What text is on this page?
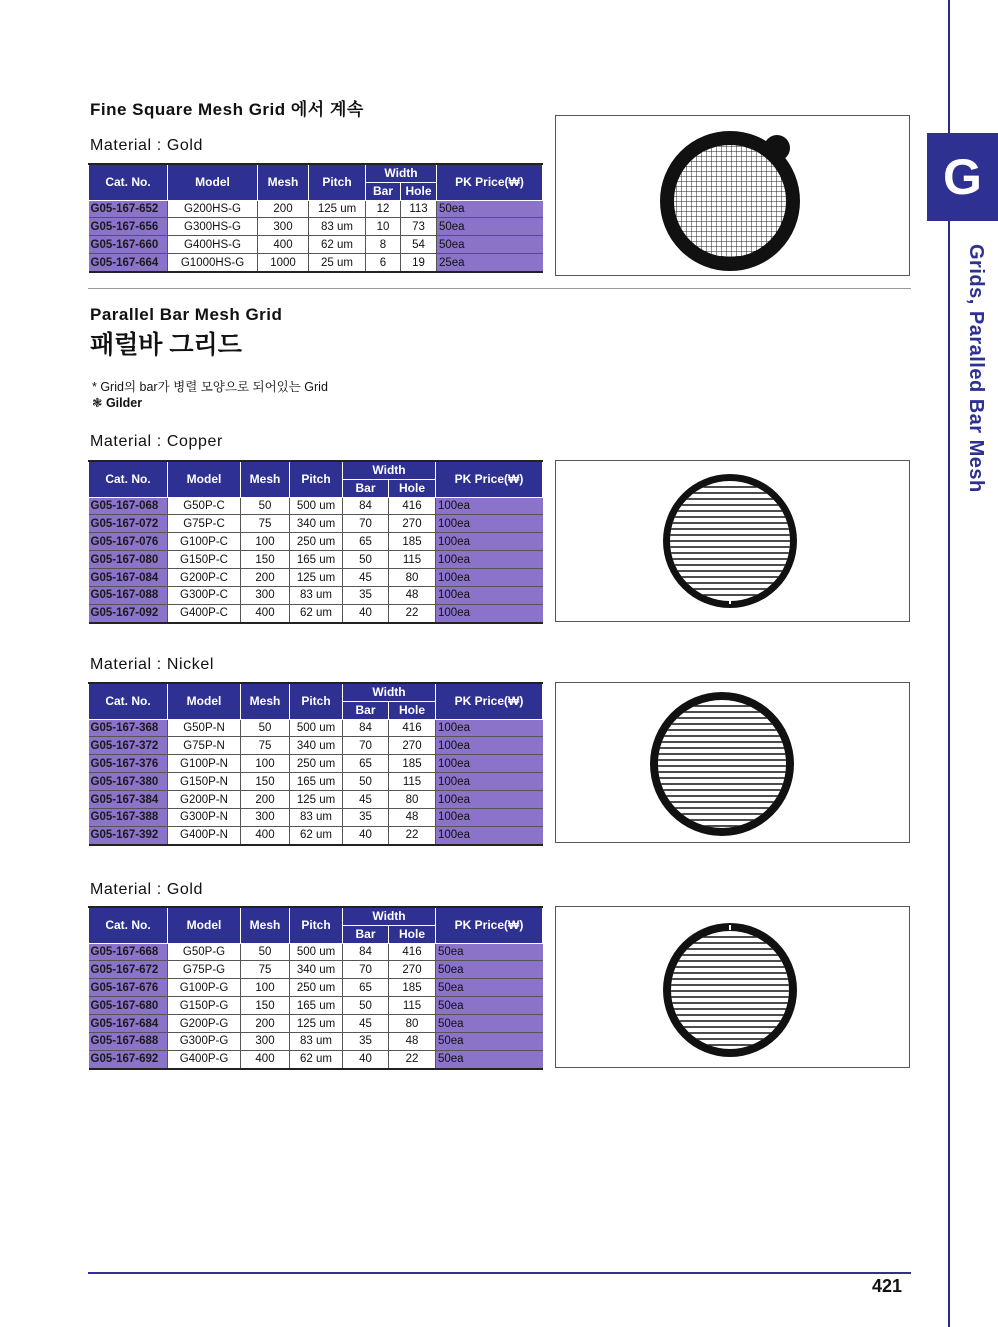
G
Grids, Paralled Bar Mesh
Fine Square Mesh Grid 에서 계속
Material : Gold
Cat. No.	Model	Mesh	Pitch	Width		PK Price(₩)
				Bar	Hole	
G05-167-652	G200HS-G	200	125 um	12	113	50ea
G05-167-656	G300HS-G	300	83 um	10	73	50ea
G05-167-660	G400HS-G	400	62 um	8	54	50ea
G05-167-664	G1000HS-G	1000	25 um	6	19	25ea
Parallel Bar Mesh Grid
패럴바 그리드
* Grid의 bar가 병렬 모양으로 되어있는 Grid
❃ Gilder
Material : Copper
Cat. No.	Model	Mesh	Pitch	Width		PK Price(₩)
				Bar	Hole	
G05-167-068	G50P-C	50	500 um	84	416	100ea
G05-167-072	G75P-C	75	340 um	70	270	100ea
G05-167-076	G100P-C	100	250 um	65	185	100ea
G05-167-080	G150P-C	150	165 um	50	115	100ea
G05-167-084	G200P-C	200	125 um	45	80	100ea
G05-167-088	G300P-C	300	83 um	35	48	100ea
G05-167-092	G400P-C	400	62 um	40	22	100ea
Material : Nickel
Cat. No.	Model	Mesh	Pitch	Width		PK Price(₩)
				Bar	Hole	
G05-167-368	G50P-N	50	500 um	84	416	100ea
G05-167-372	G75P-N	75	340 um	70	270	100ea
G05-167-376	G100P-N	100	250 um	65	185	100ea
G05-167-380	G150P-N	150	165 um	50	115	100ea
G05-167-384	G200P-N	200	125 um	45	80	100ea
G05-167-388	G300P-N	300	83 um	35	48	100ea
G05-167-392	G400P-N	400	62 um	40	22	100ea
Material : Gold
Cat. No.	Model	Mesh	Pitch	Width		PK Price(₩)
				Bar	Hole	
G05-167-668	G50P-G	50	500 um	84	416	50ea
G05-167-672	G75P-G	75	340 um	70	270	50ea
G05-167-676	G100P-G	100	250 um	65	185	50ea
G05-167-680	G150P-G	150	165 um	50	115	50ea
G05-167-684	G200P-G	200	125 um	45	80	50ea
G05-167-688	G300P-G	300	83 um	35	48	50ea
G05-167-692	G400P-G	400	62 um	40	22	50ea
421
